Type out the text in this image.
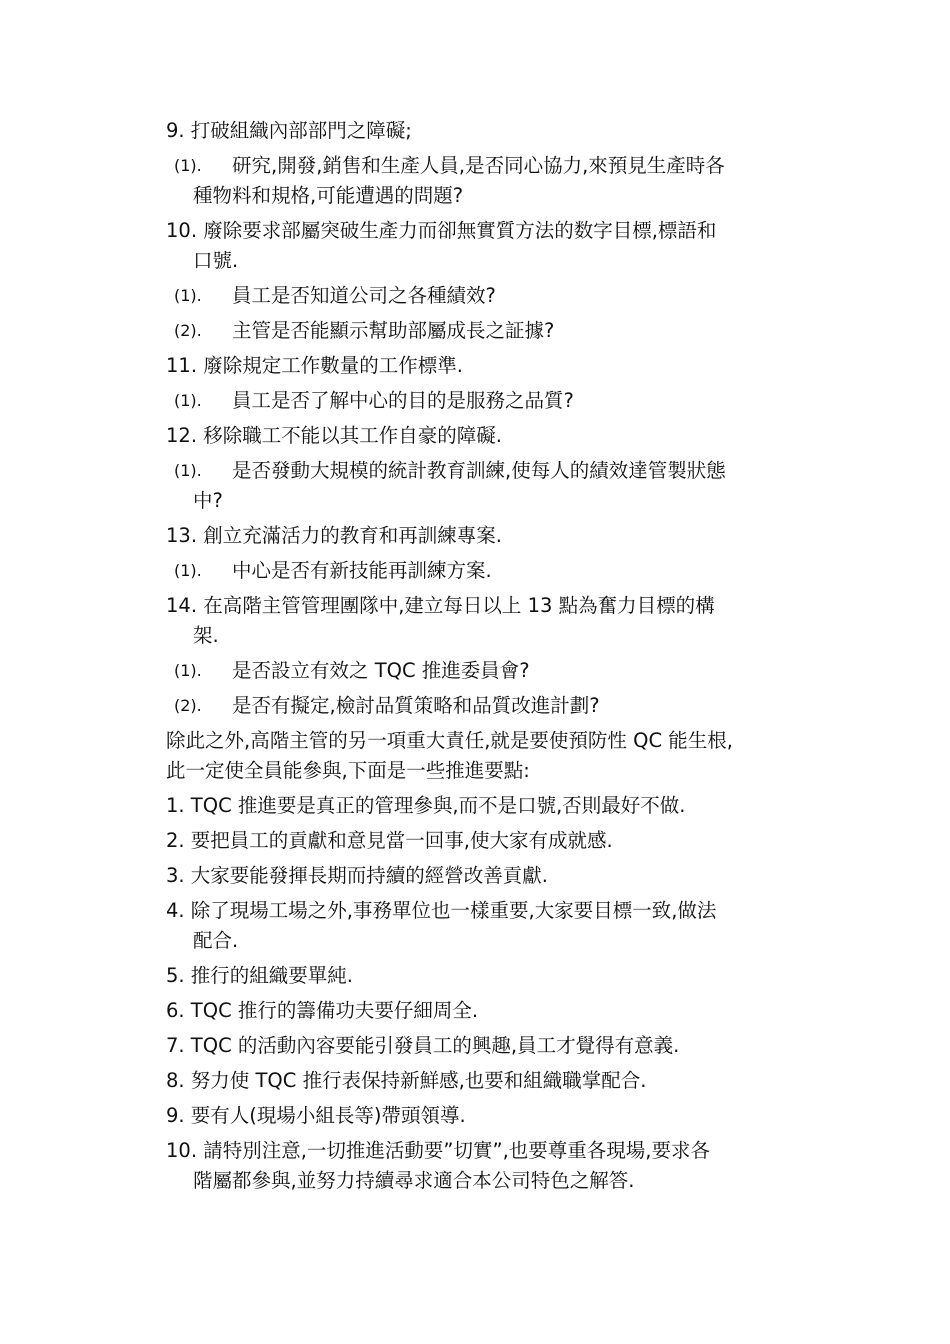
9. 打破組織內部部門之障礙;
(1).	研究,開發,銷售和生產人員,是否同心協力,來預見生產時各
種物料和規格,可能遭遇的問題?
10. 廢除要求部屬突破生產力而卻無實質方法的数字目標,標語和
口號.
(1).	員工是否知道公司之各種績效?
(2).	主管是否能顯示幫助部屬成長之証據?
11. 廢除規定工作數量的工作標準.
(1).	員工是否了解中心的目的是服務之品質?
12. 移除職工不能以其工作自豪的障礙.
(1).	是否發動大規模的統計教育訓練,使每人的績效達管製狀態
中?
13. 創立充滿活力的教育和再訓練專案.
(1).	中心是否有新技能再訓練方案.
14. 在高階主管管理團隊中,建立每日以上 13 點為奮力目標的構
架.
(1).	是否設立有效之 TQC 推進委員會?
(2).	是否有擬定,檢討品質策略和品質改進計劃?
除此之外,高階主管的另一項重大責任,就是要使預防性 QC 能生根,
此一定使全員能參與,下面是一些推進要點:
1. TQC 推進要是真正的管理參與,而不是口號,否則最好不做.
2. 要把員工的貢獻和意見當一回事,使大家有成就感.
3. 大家要能發揮長期而持續的經營改善貢獻.
4. 除了現場工場之外,事務單位也一樣重要,大家要目標一致,做法
配合.
5. 推行的組織要單純.
6. TQC 推行的籌備功夫要仔細周全.
7. TQC 的活動內容要能引發員工的興趣,員工才覺得有意義.
8. 努力使 TQC 推行表保持新鮮感,也要和組織職掌配合.
9. 要有人(現場小組長等)帶頭領導.
10. 請特別注意,一切推進活動要”切實”,也要尊重各現場,要求各
階屬都參與,並努力持續尋求適合本公司特色之解答.
